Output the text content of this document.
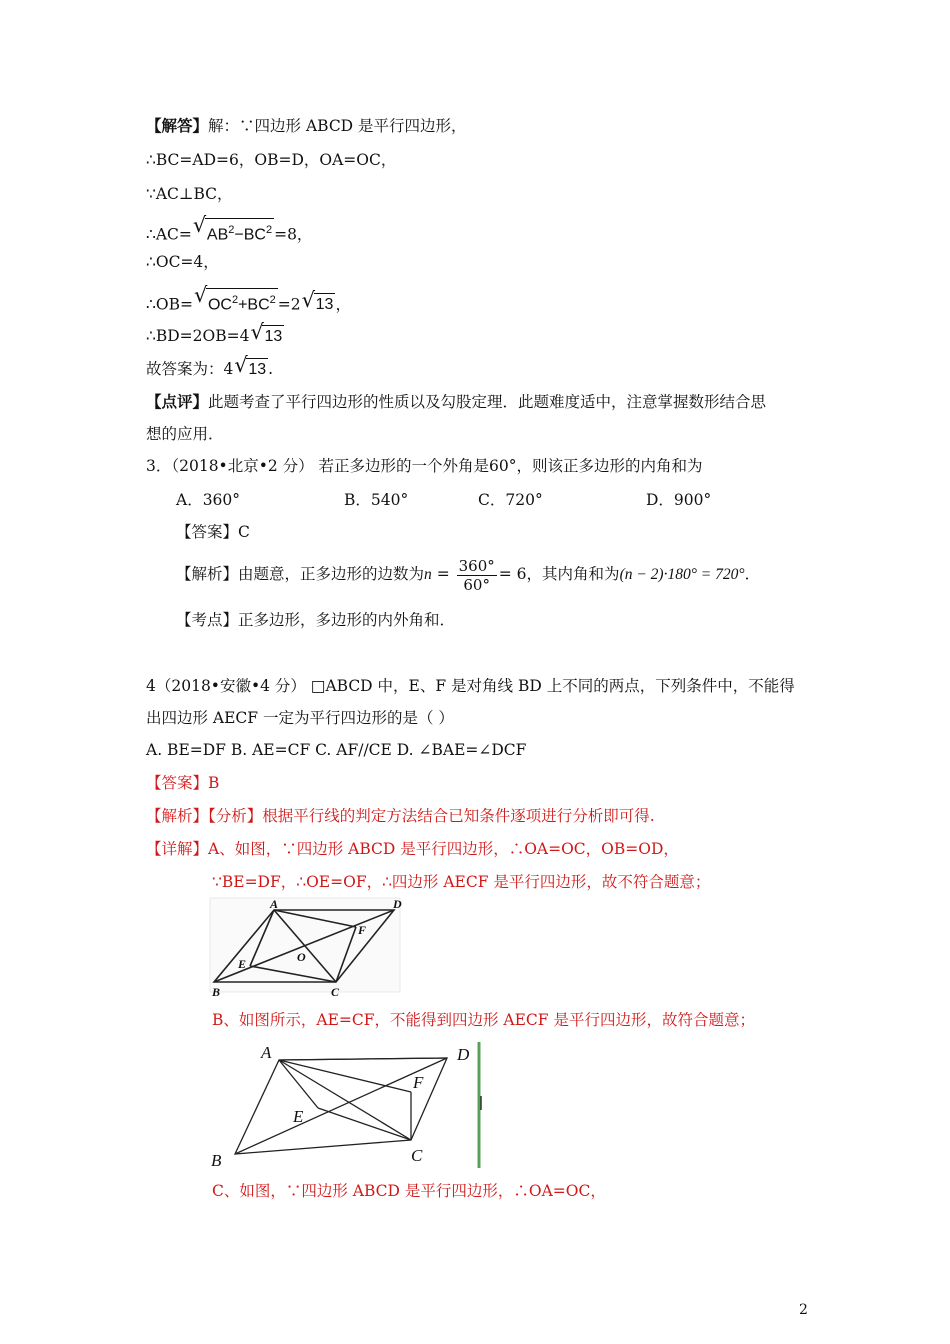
【解答】解：∵四边形 ABCD 是平行四边形，
∴BC=AD=6，OB=D，OA=OC，
∵AC⊥BC，
∴AC= √ $AB^2-BC^2 =8$，
∴OC=4，
∴OB= √ $OC^2+BC^2 =2$ √ 13 ，
∴BD=2OB=4 √ 13
故答案为：4 √ 13 .
【点评】此题考查了平行四边形的性质以及勾股定理．此题难度适中，注意掌握数形结合思
想的应用．
3．（2018•北京•2 分） 若正多边形的一个外角是60°，则该正多边形的内角和为
A．360°	B．540°	C．720°	D．900°
【答案】C
【解析】由题意，正多边形的边数为$n = \frac{360^\circ}{60^\circ} = 6$，其内角和为(n − 2)·180° = 720°．
【考点】正多边形，多边形的内外角和．
4（2018•安徽•4 分） □ABCD 中，E、F 是对角线 BD 上不同的两点，下列条件中，不能得
出四边形 AECF 一定为平行四边形的是（ ）
A. BE=DF B. AE=CF C. AF//CE D. ∠BAE=∠DCF
【答案】B
【解析】【分析】根据平行线的判定方法结合已知条件逐项进行分析即可得.
【详解】A、如图，∵四边形 ABCD 是平行四边形，∴OA=OC，OB=OD，
∵BE=DF，∴OE=OF，∴四边形 AECF 是平行四边形，故不符合题意；
A	D
B	C
E
F
O
B、如图所示，AE=CF，不能得到四边形 AECF 是平行四边形，故符合题意；
A	D
B	C
E
F
C、如图，∵四边形 ABCD 是平行四边形，∴OA=OC，
2
